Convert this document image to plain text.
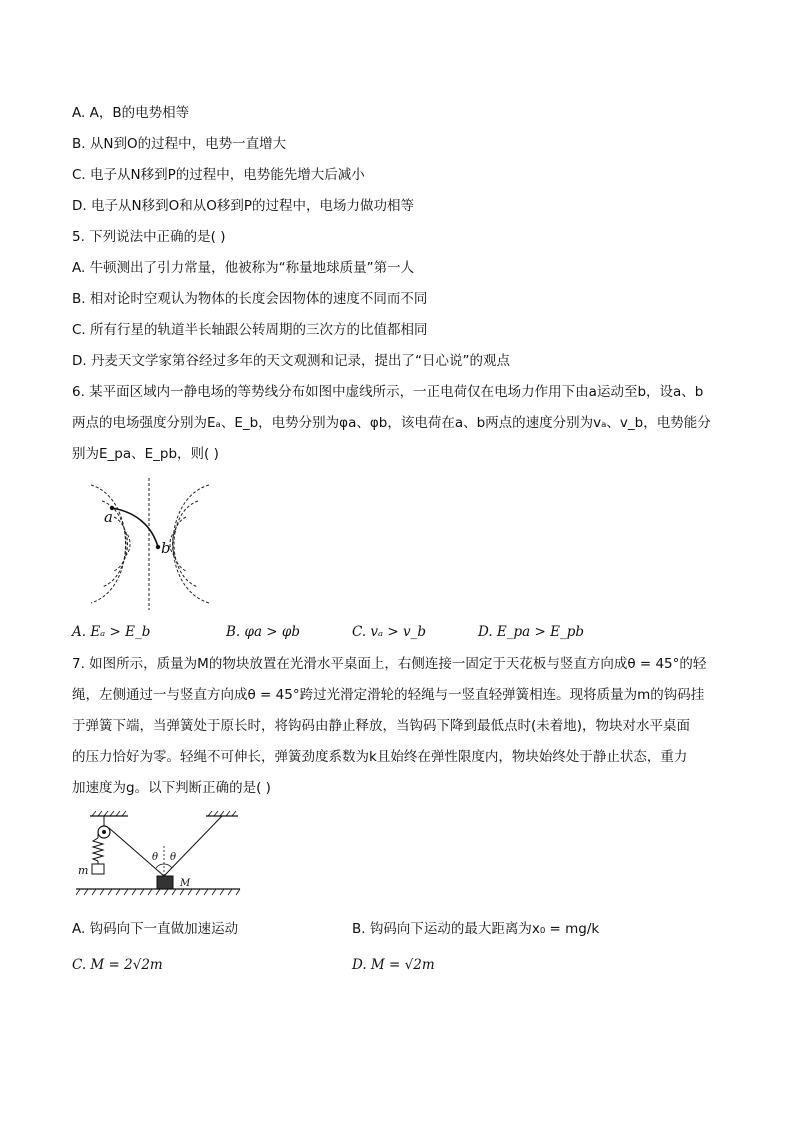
A. A，B的电势相等
B. 从N到O的过程中，电势一直增大
C. 电子从N移到P的过程中，电势能先增大后减小
D. 电子从N移到O和从O移到P的过程中，电场力做功相等
5. 下列说法中正确的是( )
A. 牛顿测出了引力常量，他被称为“称量地球质量”第一人
B. 相对论时空观认为物体的长度会因物体的速度不同而不同
C. 所有行星的轨道半长轴跟公转周期的三次方的比值都相同
D. 丹麦天文学家第谷经过多年的天文观测和记录，提出了“日心说”的观点
6. 某平面区域内一静电场的等势线分布如图中虚线所示，一正电荷仅在电场力作用下由a运动至b，设a、b
两点的电场强度分别为Eₐ、E_b，电势分别为φa、φb，该电荷在a、b两点的速度分别为vₐ、v_b，电势能分
别为E_pa、E_pb，则( )
a
b
A. Eₐ > E_b	B. φa > φb	C. vₐ > v_b	D. E_pa > E_pb
7. 如图所示，质量为M的物块放置在光滑水平桌面上，右侧连接一固定于天花板与竖直方向成θ = 45°的轻
绳，左侧通过一与竖直方向成θ = 45°跨过光滑定滑轮的轻绳与一竖直轻弹簧相连。现将质量为m的钩码挂
于弹簧下端，当弹簧处于原长时，将钩码由静止释放，当钩码下降到最低点时(未着地)，物块对水平桌面
的压力恰好为零。轻绳不可伸长，弹簧劲度系数为k且始终在弹性限度内，物块始终处于静止状态，重力
加速度为g。以下判断正确的是( )
m
θ θ
M
A. 钩码向下一直做加速运动	B. 钩码向下运动的最大距离为x₀ = mg/k
C. M = 2√2m	D. M = √2m
